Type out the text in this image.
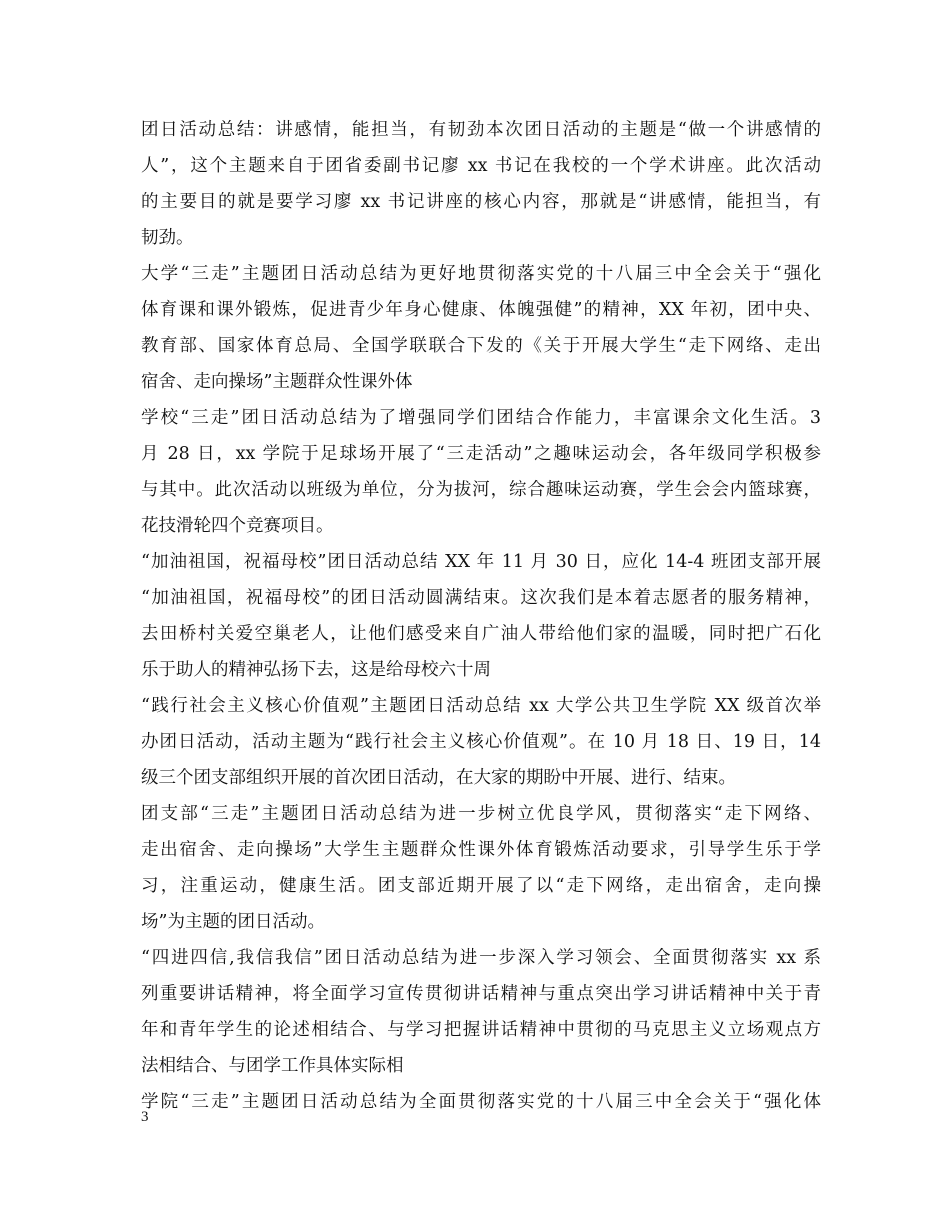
团日活动总结：讲感情，能担当，有韧劲本次团日活动的主题是“做一个讲感情的
人”，这个主题来自于团省委副书记廖 xx 书记在我校的一个学术讲座。此次活动
的主要目的就是要学习廖 xx 书记讲座的核心内容，那就是“讲感情，能担当，有
韧劲。
大学“三走”主题团日活动总结为更好地贯彻落实党的十八届三中全会关于“强化
体育课和课外锻炼，促进青少年身心健康、体魄强健”的精神，XX 年初，团中央、
教育部、国家体育总局、全国学联联合下发的《关于开展大学生“走下网络、走出
宿舍、走向操场”主题群众性课外体
学校“三走”团日活动总结为了增强同学们团结合作能力，丰富课余文化生活。3
月 28 日，xx 学院于足球场开展了“三走活动”之趣味运动会，各年级同学积极参
与其中。此次活动以班级为单位，分为拔河，综合趣味运动赛，学生会会内篮球赛，
花技滑轮四个竞赛项目。
“加油祖国，祝福母校”团日活动总结 XX 年 11 月 30 日，应化 14-4 班团支部开展
“加油祖国，祝福母校”的团日活动圆满结束。这次我们是本着志愿者的服务精神，
去田桥村关爱空巢老人，让他们感受来自广油人带给他们家的温暖，同时把广石化
乐于助人的精神弘扬下去，这是给母校六十周
“践行社会主义核心价值观”主题团日活动总结 xx 大学公共卫生学院 XX 级首次举
办团日活动，活动主题为“践行社会主义核心价值观”。在 10 月 18 日、19 日，14
级三个团支部组织开展的首次团日活动，在大家的期盼中开展、进行、结束。
团支部“三走”主题团日活动总结为进一步树立优良学风，贯彻落实“走下网络、
走出宿舍、走向操场”大学生主题群众性课外体育锻炼活动要求，引导学生乐于学
习，注重运动，健康生活。团支部近期开展了以“走下网络，走出宿舍，走向操
场”为主题的团日活动。
“四进四信,我信我信”团日活动总结为进一步深入学习领会、全面贯彻落实 xx 系
列重要讲话精神，将全面学习宣传贯彻讲话精神与重点突出学习讲话精神中关于青
年和青年学生的论述相结合、与学习把握讲话精神中贯彻的马克思主义立场观点方
法相结合、与团学工作具体实际相
学院“三走”主题团日活动总结为全面贯彻落实党的十八届三中全会关于“强化体
3
